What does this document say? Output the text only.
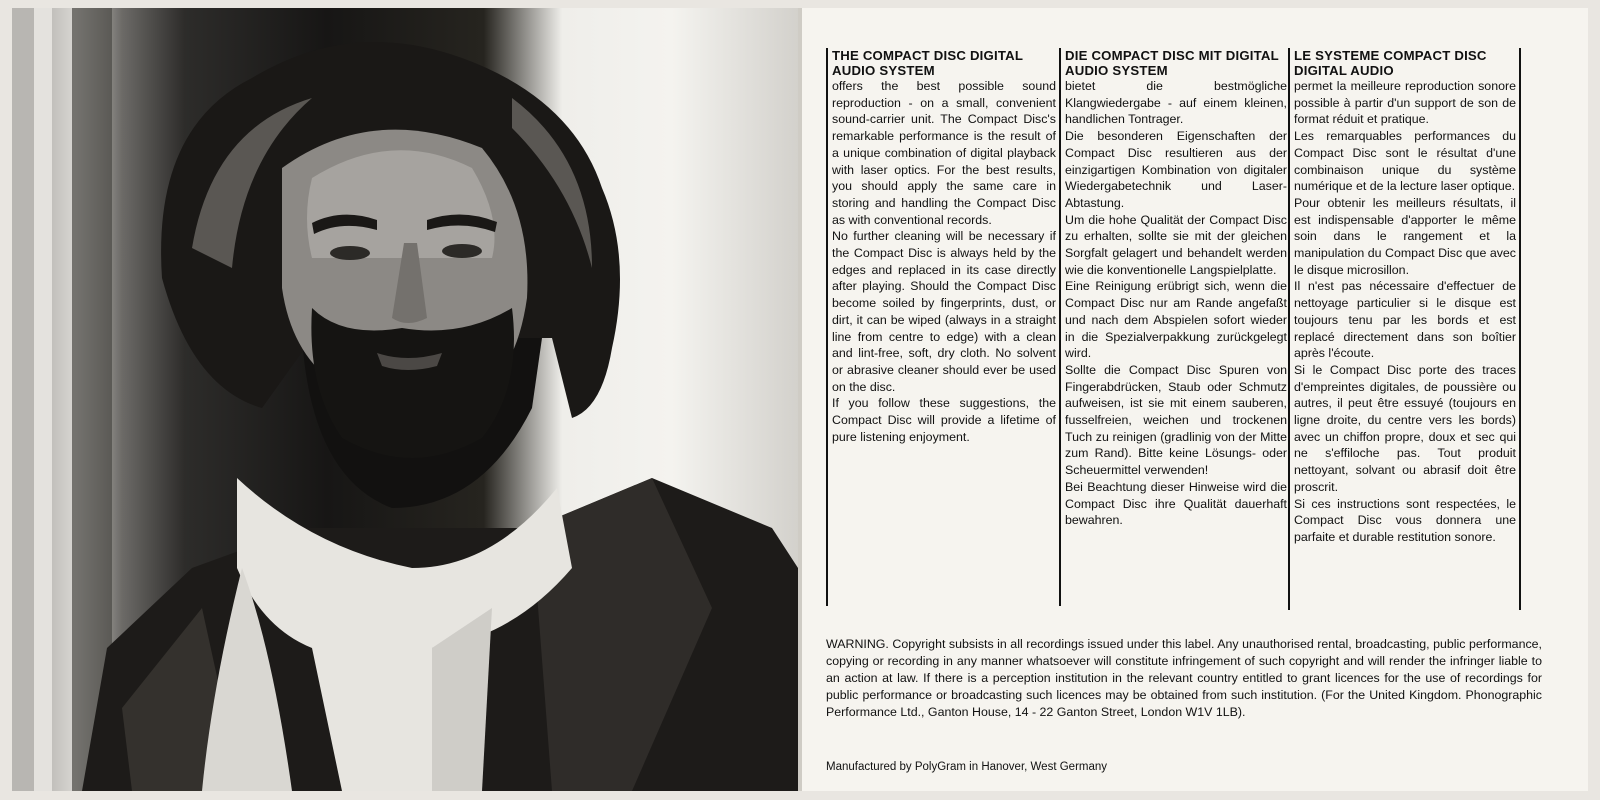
THE COMPACT DISC DIGITAL AUDIO SYSTEM
offers the best possible sound reproduction - on a small, convenient sound-carrier unit. The Compact Disc's remarkable performance is the result of a unique combination of digital playback with laser optics. For the best results, you should apply the same care in storing and handling the Compact Disc as with conventional records.
No further cleaning will be necessary if the Compact Disc is always held by the edges and replaced in its case directly after playing. Should the Compact Disc become soiled by fingerprints, dust, or dirt, it can be wiped (always in a straight line from centre to edge) with a clean and lint-free, soft, dry cloth. No solvent or abrasive cleaner should ever be used on the disc.
If you follow these suggestions, the Compact Disc will provide a lifetime of pure listening enjoyment.
DIE COMPACT DISC MIT DIGITAL AUDIO SYSTEM
bietet die bestmögliche Klangwiedergabe - auf einem kleinen, handlichen Tontrager.
Die besonderen Eigenschaften der Compact Disc resultieren aus der einzigartigen Kombination von digitaler Wiedergabetechnik und Laser-Abtastung.
Um die hohe Qualität der Compact Disc zu erhalten, sollte sie mit der gleichen Sorgfalt gelagert und behandelt werden wie die konventionelle Langspielplatte.
Eine Reinigung erübrigt sich, wenn die Compact Disc nur am Rande angefaßt und nach dem Abspielen sofort wieder in die Spezialverpakkung zurückgelegt wird.
Sollte die Compact Disc Spuren von Fingerabdrücken, Staub oder Schmutz aufweisen, ist sie mit einem sauberen, fusselfreien, weichen und trockenen Tuch zu reinigen (gradlinig von der Mitte zum Rand). Bitte keine Lösungs- oder Scheuermittel verwenden!
Bei Beachtung dieser Hinweise wird die Compact Disc ihre Qualität dauerhaft bewahren.
LE SYSTEME COMPACT DISC DIGITAL AUDIO
permet la meilleure reproduction sonore possible à partir d'un support de son de format réduit et pratique.
Les remarquables performances du Compact Disc sont le résultat d'une combinaison unique du système numérique et de la lecture laser optique.
Pour obtenir les meilleurs résultats, il est indispensable d'apporter le même soin dans le rangement et la manipulation du Compact Disc que avec le disque microsillon.
Il n'est pas nécessaire d'effectuer de nettoyage particulier si le disque est toujours tenu par les bords et est replacé directement dans son boîtier après l'écoute.
Si le Compact Disc porte des traces d'empreintes digitales, de poussière ou autres, il peut être essuyé (toujours en ligne droite, du centre vers les bords) avec un chiffon propre, doux et sec qui ne s'effiloche pas. Tout produit nettoyant, solvant ou abrasif doit être proscrit.
Si ces instructions sont respectées, le Compact Disc vous donnera une parfaite et durable restitution sonore.
WARNING. Copyright subsists in all recordings issued under this label. Any unauthorised rental, broadcasting, public performance, copying or recording in any manner whatsoever will constitute infringement of such copyright and will render the infringer liable to an action at law. If there is a perception institution in the relevant country entitled to grant licences for the use of recordings for public performance or broadcasting such licences may be obtained from such institution. (For the United Kingdom. Phonographic Performance Ltd., Ganton House, 14 - 22 Ganton Street, London W1V 1LB).
Manufactured by PolyGram in Hanover, West Germany
